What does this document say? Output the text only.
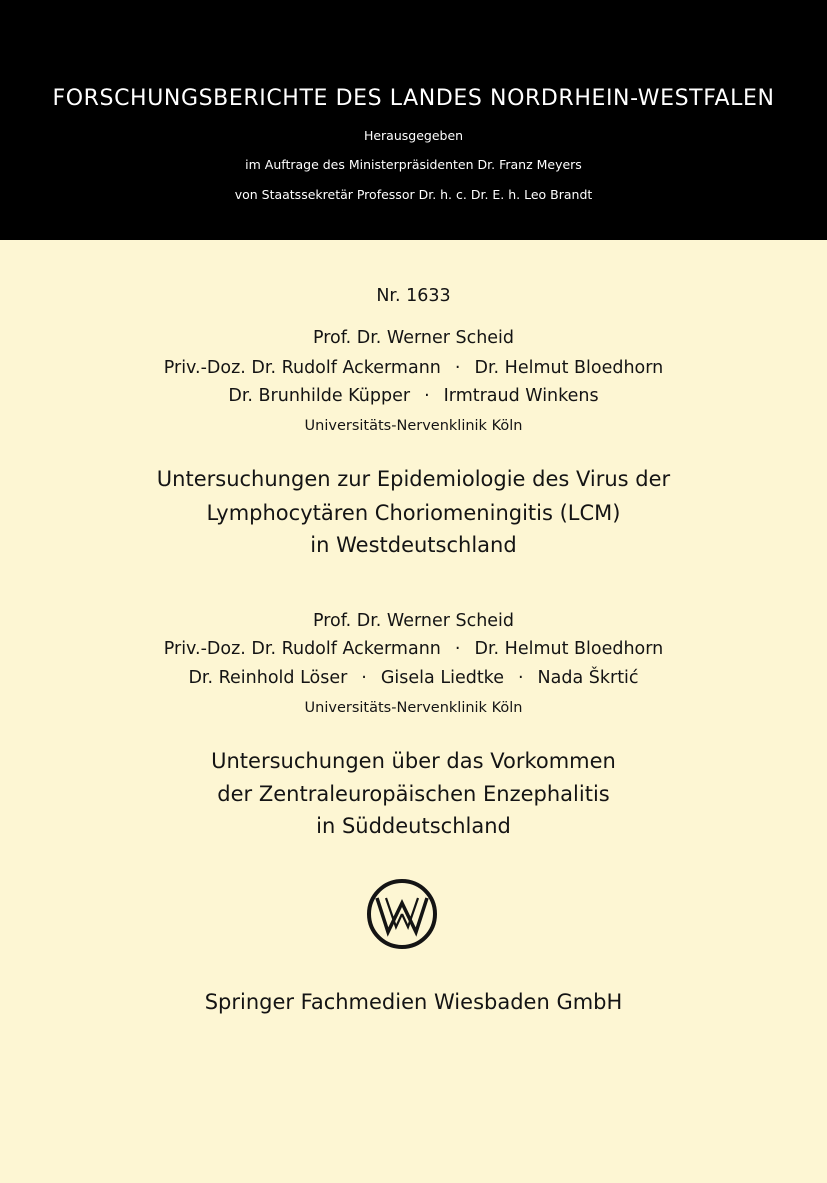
FORSCHUNGSBERICHTE DES LANDES NORDRHEIN-WESTFALEN
Herausgegeben
im Auftrage des Ministerpräsidenten Dr. Franz Meyers
von Staatssekretär Professor Dr. h. c. Dr. E. h. Leo Brandt
Nr. 1633
Prof. Dr. Werner Scheid
Priv.-Doz. Dr. Rudolf Ackermann · Dr. Helmut Bloedhorn
Dr. Brunhilde Küpper · Irmtraud Winkens
Universitäts-Nervenklinik Köln
Untersuchungen zur Epidemiologie des Virus der
Lymphocytären Choriomeningitis (LCM)
in Westdeutschland
Prof. Dr. Werner Scheid
Priv.-Doz. Dr. Rudolf Ackermann · Dr. Helmut Bloedhorn
Dr. Reinhold Löser · Gisela Liedtke · Nada Škrtić
Universitäts-Nervenklinik Köln
Untersuchungen über das Vorkommen
der Zentraleuropäischen Enzephalitis
in Süddeutschland
Springer Fachmedien Wiesbaden GmbH
